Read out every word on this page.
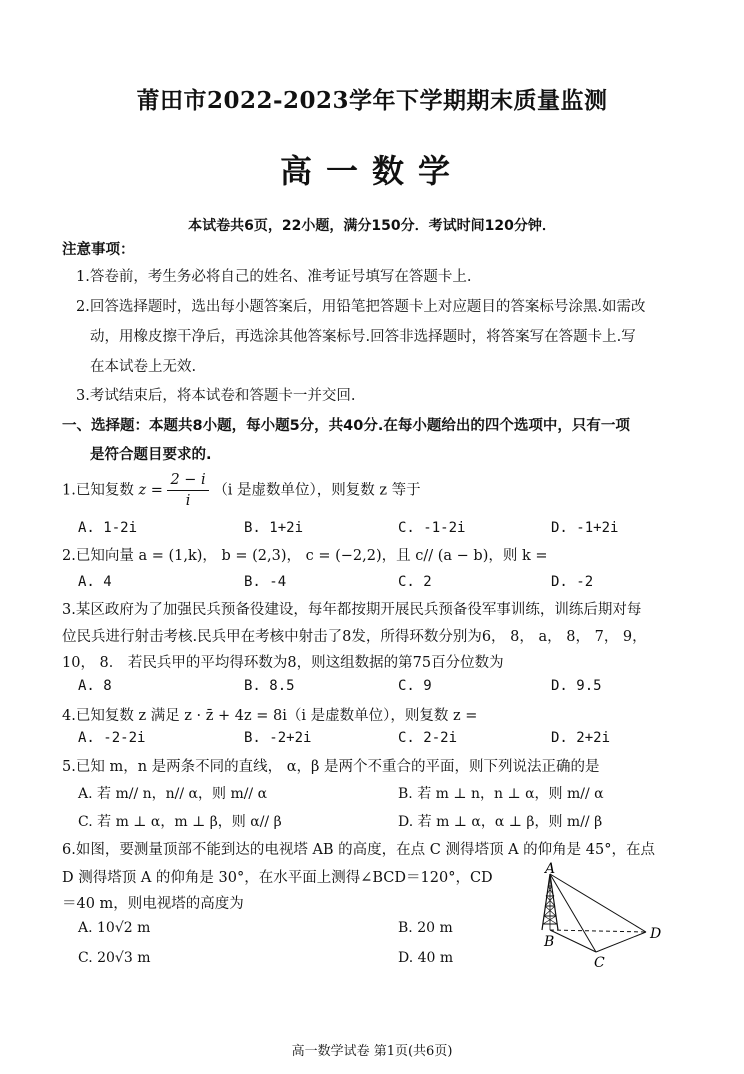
莆田市2022-2023学年下学期期末质量监测
高一数学
本试卷共6页，22小题，满分150分．考试时间120分钟．
注意事项：
1.答卷前，考生务必将自己的姓名、准考证号填写在答题卡上.
2.回答选择题时，选出每小题答案后，用铅笔把答题卡上对应题目的答案标号涂黑.如需改
动，用橡皮擦干净后，再选涂其他答案标号.回答非选择题时，将答案写在答题卡上.写
在本试卷上无效.
3.考试结束后，将本试卷和答题卡一并交回.
一、选择题：本题共8小题，每小题5分，共40分.在每小题给出的四个选项中，只有一项
是符合题目要求的.
1.已知复数 $z = \frac{2 - i}{i} (i$ 是虚数单位），则复数 z 等于
A. 1-2i	B. 1+2i	C. -1-2i	D. -1+2i
2.已知向量 a = (1,k)， b = (2,3)， c = (−2,2)，且 c// (a − b)，则 k =
A. 4	B. -4	C. 2	D. -2
3.某区政府为了加强民兵预备役建设，每年都按期开展民兵预备役军事训练，训练后期对每
位民兵进行射击考核.民兵甲在考核中射击了8发，所得环数分别为6， 8， a， 8， 7， 9，
10， 8． 若民兵甲的平均得环数为8，则这组数据的第75百分位数为
A. 8	B. 8.5	C. 9	D. 9.5
4.已知复数 z 满足 z · z̄ + 4z = 8i（i 是虚数单位），则复数 z =
A. -2-2i	B. -2+2i	C. 2-2i	D. 2+2i
5.已知 m，n 是两条不同的直线， α，β 是两个不重合的平面，则下列说法正确的是
A. 若 m// n，n// α，则 m// α	B. 若 m ⊥ n，n ⊥ α，则 m// α
C. 若 m ⊥ α，m ⊥ β，则 α// β	D. 若 m ⊥ α，α ⊥ β，则 m// β
6.如图，要测量顶部不能到达的电视塔 AB 的高度，在点 C 测得塔顶 A 的仰角是 45°，在点
D 测得塔顶 A 的仰角是 30°，在水平面上测得∠BCD＝120°，CD
＝40 m，则电视塔的高度为
A. 10√2 m	B. 20 m
C. 20√3 m	D. 40 m
A
B
C
D
高一数学试卷 第1页(共6页)
